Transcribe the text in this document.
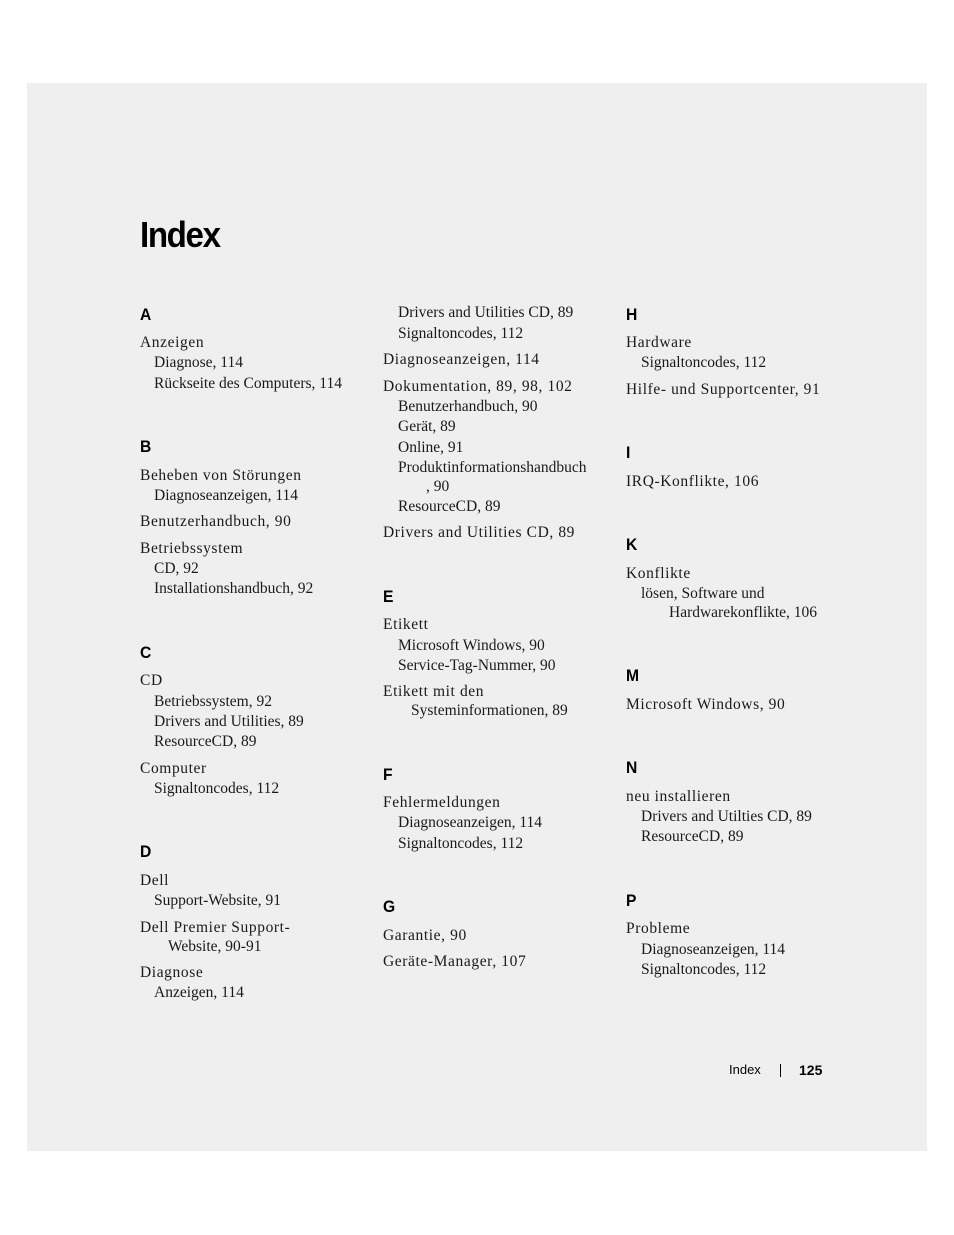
Index
A
Anzeigen
Diagnose, 114
Rückseite des Computers, 114
B
Beheben von Störungen
Diagnoseanzeigen, 114
Benutzerhandbuch, 90
Betriebssystem
CD, 92
Installationshandbuch, 92
C
CD
Betriebssystem, 92
Drivers and Utilities, 89
ResourceCD, 89
Computer
Signaltoncodes, 112
D
Dell
Support-Website, 91
Dell Premier Support-
Website, 90-91
Diagnose
Anzeigen, 114
Drivers and Utilities CD, 89
Signaltoncodes, 112
Diagnoseanzeigen, 114
Dokumentation, 89, 98, 102
Benutzerhandbuch, 90
Gerät, 89
Online, 91
Produktinformationshandbuch
, 90
ResourceCD, 89
Drivers and Utilities CD, 89
E
Etikett
Microsoft Windows, 90
Service-Tag-Nummer, 90
Etikett mit den
Systeminformationen, 89
F
Fehlermeldungen
Diagnoseanzeigen, 114
Signaltoncodes, 112
G
Garantie, 90
Geräte-Manager, 107
H
Hardware
Signaltoncodes, 112
Hilfe- und Supportcenter, 91
I
IRQ-Konflikte, 106
K
Konflikte
lösen, Software und
Hardwarekonflikte, 106
M
Microsoft Windows, 90
N
neu installieren
Drivers and Utilties CD, 89
ResourceCD, 89
P
Probleme
Diagnoseanzeigen, 114
Signaltoncodes, 112
Index	125
